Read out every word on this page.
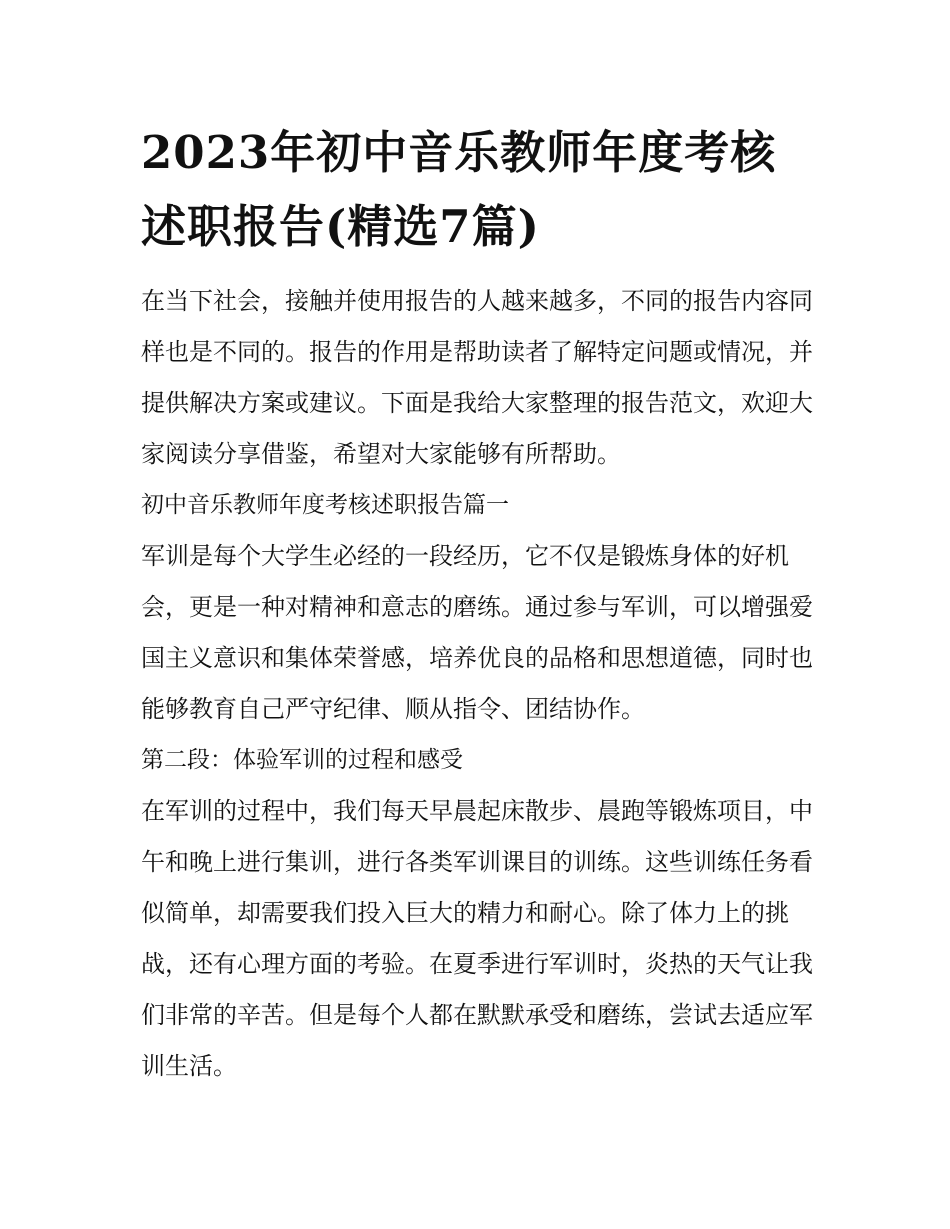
2023年初中音乐教师年度考核述职报告(精选7篇)

在当下社会，接触并使用报告的人越来越多，不同的报告内容同样也是不同的。报告的作用是帮助读者了解特定问题或情况，并提供解决方案或建议。下面是我给大家整理的报告范文，欢迎大家阅读分享借鉴，希望对大家能够有所帮助。

初中音乐教师年度考核述职报告篇一

军训是每个大学生必经的一段经历，它不仅是锻炼身体的好机会，更是一种对精神和意志的磨练。通过参与军训，可以增强爱国主义意识和集体荣誉感，培养优良的品格和思想道德，同时也能够教育自己严守纪律、顺从指令、团结协作。

第二段：体验军训的过程和感受

在军训的过程中，我们每天早晨起床散步、晨跑等锻炼项目，中午和晚上进行集训，进行各类军训课目的训练。这些训练任务看似简单，却需要我们投入巨大的精力和耐心。除了体力上的挑战，还有心理方面的考验。在夏季进行军训时，炎热的天气让我们非常的辛苦。但是每个人都在默默承受和磨练，尝试去适应军训生活。
